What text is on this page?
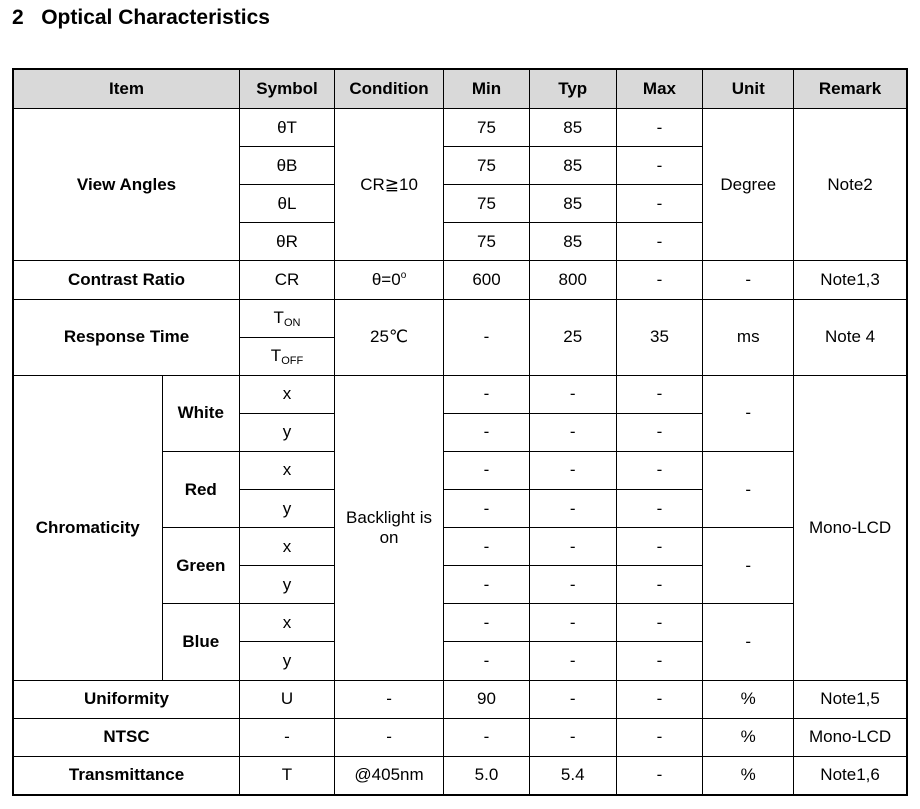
2 Optical Characteristics
Item		Symbol	Condition	Min	Typ	Max	Unit	Remark
View Angles		θT	CR≧10	75	85	-	Degree	Note2
		θB		75	85	-		
		θL		75	85	-		
		θR		75	85	-		
Contrast Ratio		CR	$\theta=0^o$	600	800	-	-	Note1,3
Response Time		$T_{ON}$	25℃	-	25	35	ms	Note 4
		$T_{OFF}$
Chromaticity	White	x	Backlight is on	-	-	-	-	Mono-LCD
		y		-	-	-		
	Red	x		-	-	-	-	
		y		-	-	-		
	Green	x		-	-	-	-	
		y		-	-	-		
	Blue	x		-	-	-	-	
		y		-	-	-		
Uniformity		U	-	90	-	-	%	Note1,5
NTSC		-	-	-	-	-	%	Mono-LCD
Transmittance		T	@405nm	5.0	5.4	-	%	Note1,6
